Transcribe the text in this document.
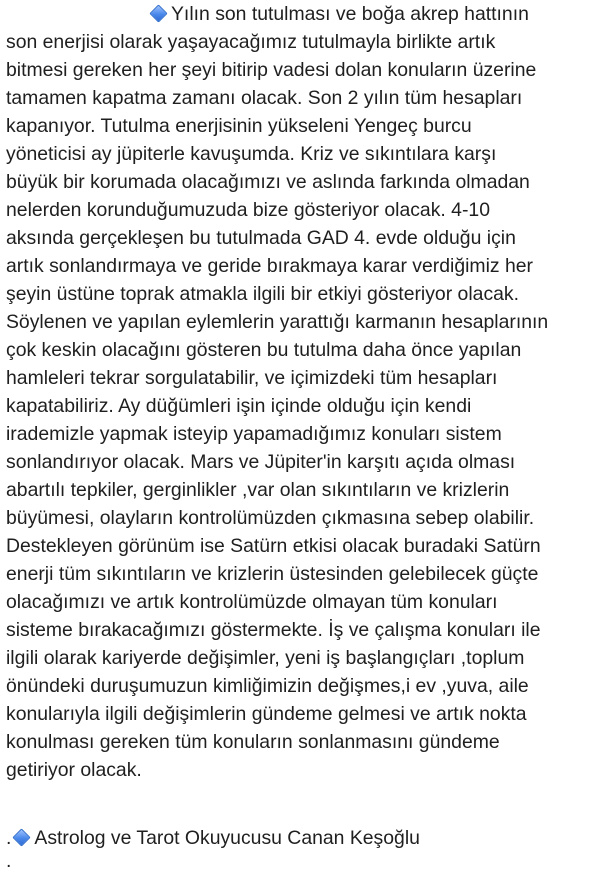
Yılın son tutulması ve boğa akrep hattının
son enerjisi olarak yaşayacağımız tutulmayla birlikte artık
bitmesi gereken her şeyi bitirip vadesi dolan konuların üzerine
tamamen kapatma zamanı olacak. Son 2 yılın tüm hesapları
kapanıyor. Tutulma enerjisinin yükseleni Yengeç burcu
yöneticisi ay jüpiterle kavuşumda. Kriz ve sıkıntılara karşı
büyük bir korumada olacağımızı ve aslında farkında olmadan
nelerden korunduğumuzuda bize gösteriyor olacak. 4-10
aksında gerçekleşen bu tutulmada GAD 4. evde olduğu için
artık sonlandırmaya ve geride bırakmaya karar verdiğimiz her
şeyin üstüne toprak atmakla ilgili bir etkiyi gösteriyor olacak.
Söylenen ve yapılan eylemlerin yarattığı karmanın hesaplarının
çok keskin olacağını gösteren bu tutulma daha önce yapılan
hamleleri tekrar sorgulatabilir, ve içimizdeki tüm hesapları
kapatabiliriz. Ay düğümleri işin içinde olduğu için kendi
irademizle yapmak isteyip yapamadığımız konuları sistem
sonlandırıyor olacak. Mars ve Jüpiter'in karşıtı açıda olması
abartılı tepkiler, gerginlikler ,var olan sıkıntıların ve krizlerin
büyümesi, olayların kontrolümüzden çıkmasına sebep olabilir.
Destekleyen görünüm ise Satürn etkisi olacak buradaki Satürn
enerji tüm sıkıntıların ve krizlerin üstesinden gelebilecek güçte
olacağımızı ve artık kontrolümüzde olmayan tüm konuları
sisteme bırakacağımızı göstermekte. İş ve çalışma konuları ile
ilgili olarak kariyerde değişimler, yeni iş başlangıçları ,toplum
önündeki duruşumuzun kimliğimizin değişmes,i ev ,yuva, aile
konularıyla ilgili değişimlerin gündeme gelmesi ve artık nokta
konulması gereken tüm konuların sonlanmasını gündeme
getiriyor olacak.
. Astrolog ve Tarot Okuyucusu Canan Keşoğlu
.
